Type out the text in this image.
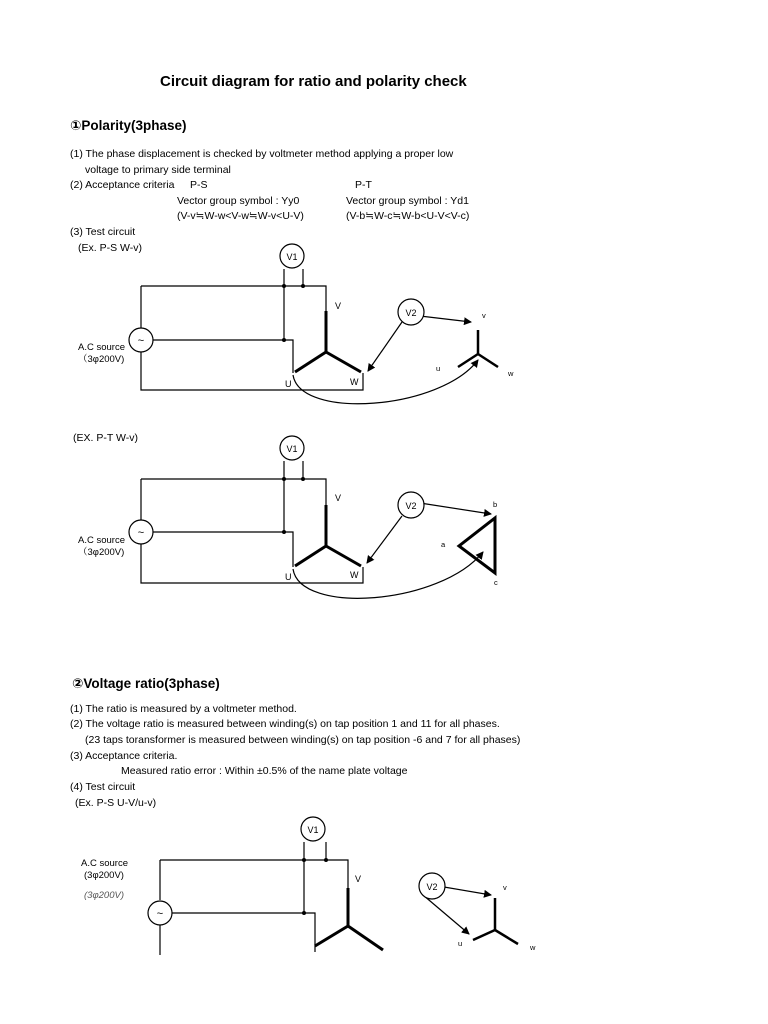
Circuit diagram for ratio and polarity check
①Polarity(3phase)
(1) The phase displacement is checked by voltmeter method applying a proper low
voltage to primary side terminal
(2) Acceptance criteria P-S	P-T
Vector group symbol : Yy0	Vector group symbol : Yd1
(V-v≒W-w<V-w≒W-v<U-V)	(V-b≒W-c≒W-b<U-V<V-c)
(3) Test circuit
(Ex. P-S W-v)
(EX. P-T W-v)
②Voltage ratio(3phase)
(1) The ratio is measured by a voltmeter method.
(2) The voltage ratio is measured between winding(s) on tap position 1 and 11 for all phases.
(23 taps toransformer is measured between winding(s) on tap position -6 and 7 for all phases)
(3) Acceptance criteria.
Measured ratio error : Within ±0.5% of the name plate voltage
(4) Test circuit
(Ex. P-S U-V/u-v)
V1
V2
~
A.C source
（3φ200V)
V
U	W
v
u
w
V1
V2
~
A.C source
（3φ200V)
V
U	W
b
a
c
V1
V2
~
A.C source
(3φ200V)
(3φ200V)
V
v
u	w
